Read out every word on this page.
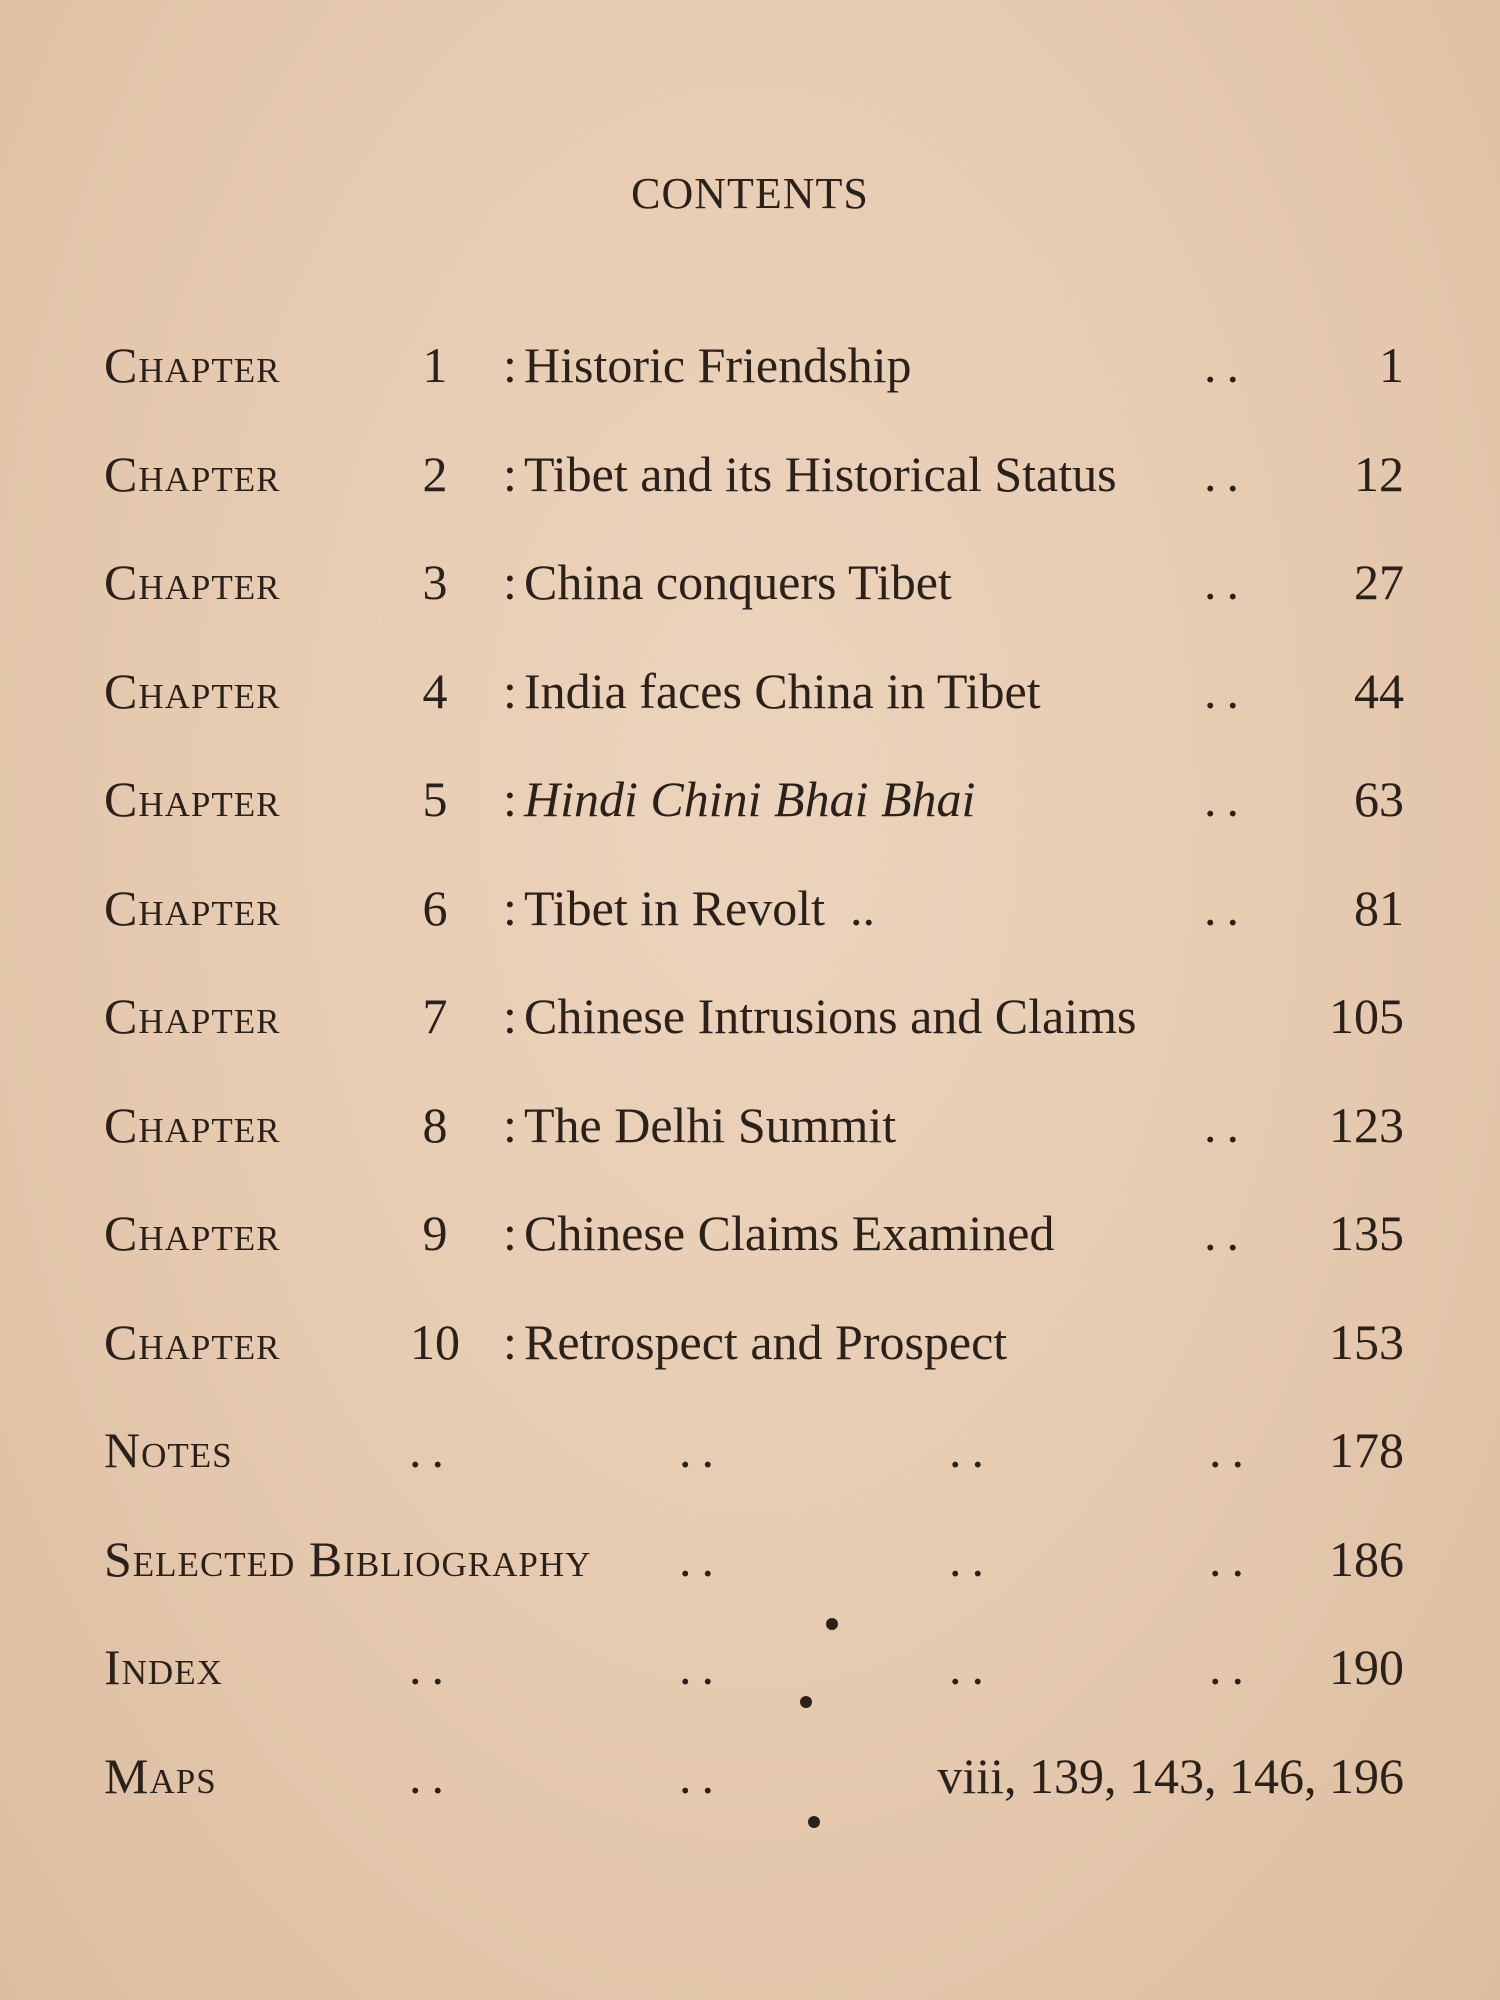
CONTENTS
Chapter	1	: Historic Friendship	..	1
Chapter	2	: Tibet and its Historical Status .. 12
Chapter	3	: China conquers Tibet	.. 27
Chapter	4	: India faces China in Tibet	.. 44
Chapter	5	: Hindi Chini Bhai Bhai	.. 63
Chapter	6	: Tibet in Revolt  ..	.. 81
Chapter	7	: Chinese Intrusions and Claims	105
Chapter	8	: The Delhi Summit	.. 123
Chapter	9	: Chinese Claims Examined	.. 135
Chapter	10 : Retrospect and Prospect	153
Notes	..	..	..	.. 178
Selected Bibliography ..	..	.. 186
Index	..	..	..	.. 190
Maps	..	..	viii, 139, 143, 146, 196
